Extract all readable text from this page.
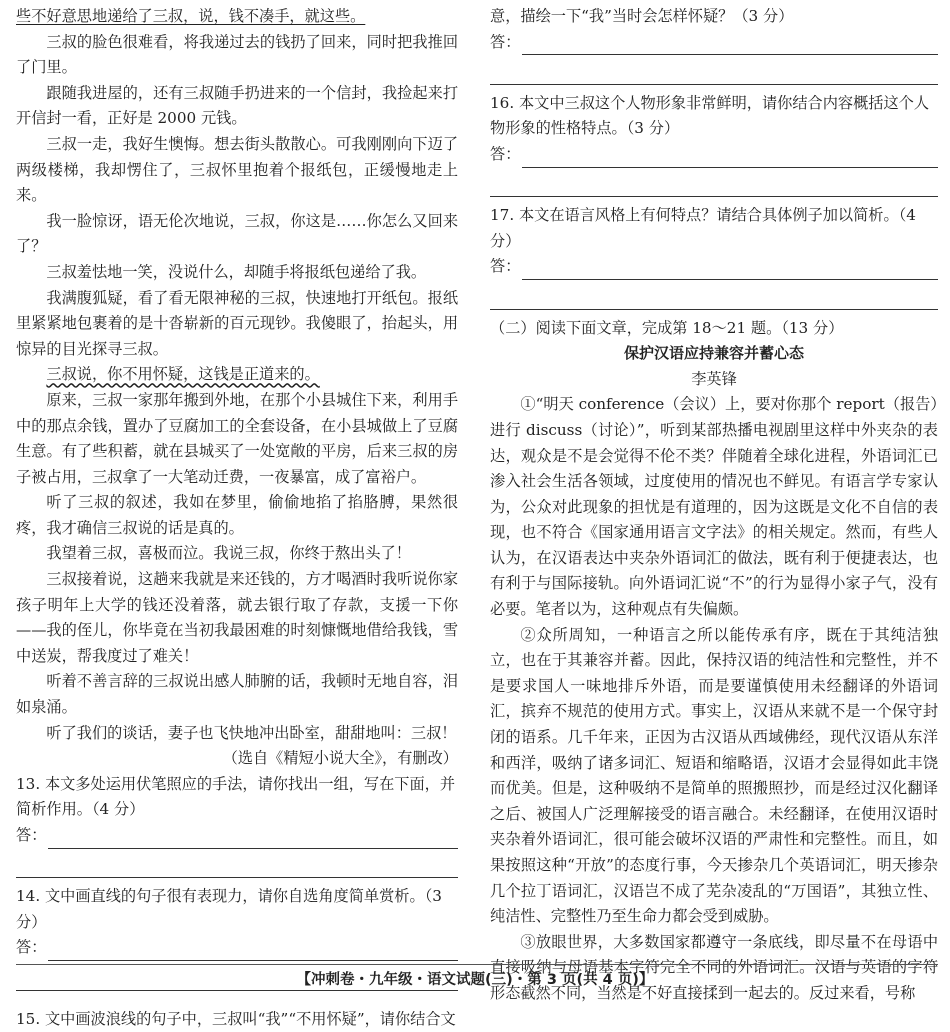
些不好意思地递给了三叔，说，钱不凑手，就这些。

三叔的脸色很难看，将我递过去的钱扔了回来，同时把我推回了门里。

跟随我进屋的，还有三叔随手扔进来的一个信封，我捡起来打开信封一看，正好是 2000 元钱。

三叔一走，我好生懊悔。想去街头散散心。可我刚刚向下迈了两级楼梯，我却愣住了，三叔怀里抱着个报纸包，正缓慢地走上来。

我一脸惊讶，语无伦次地说，三叔，你这是……你怎么又回来了？

三叔羞怯地一笑，没说什么，却随手将报纸包递给了我。

我满腹狐疑，看了看无限神秘的三叔，快速地打开纸包。报纸里紧紧地包裹着的是十沓崭新的百元现钞。我傻眼了，抬起头，用惊异的目光探寻三叔。

三叔说，你不用怀疑，这钱是正道来的。

原来，三叔一家那年搬到外地，在那个小县城住下来，利用手中的那点余钱，置办了豆腐加工的全套设备，在小县城做上了豆腐生意。有了些积蓄，就在县城买了一处宽敞的平房，后来三叔的房子被占用，三叔拿了一大笔动迁费，一夜暴富，成了富裕户。

听了三叔的叙述，我如在梦里，偷偷地掐了掐胳膊，果然很疼，我才确信三叔说的话是真的。

我望着三叔，喜极而泣。我说三叔，你终于熬出头了！

三叔接着说，这趟来我就是来还钱的，方才喝酒时我听说你家孩子明年上大学的钱还没着落，就去银行取了存款，支援一下你——我的侄儿，你毕竟在当初我最困难的时刻慷慨地借给我钱，雪中送炭，帮我度过了难关！

听着不善言辞的三叔说出感人肺腑的话，我顿时无地自容，泪如泉涌。

听了我们的谈话，妻子也飞快地冲出卧室，甜甜地叫：三叔！

（选自《精短小说大全》，有删改）

13. 本文多处运用伏笔照应的手法，请你找出一组，写在下面，并简析作用。（4 分）

答：

14. 文中画直线的句子很有表现力，请你自选角度简单赏析。（3 分）

答：

15. 文中画波浪线的句子中，三叔叫“我”“不用怀疑”，请你结合文

意，描绘一下“我”当时会怎样怀疑？（3 分）

答：

16. 本文中三叔这个人物形象非常鲜明，请你结合内容概括这个人物形象的性格特点。（3 分）

答：

17. 本文在语言风格上有何特点？请结合具体例子加以简析。（4 分）

答：

（二）阅读下面文章，完成第 18～21 题。（13 分）

保护汉语应持兼容并蓄心态

李英锋

①“明天 conference（会议）上，要对你那个 report（报告）进行 discuss（讨论）”，听到某部热播电视剧里这样中外夹杂的表达，观众是不是会觉得不伦不类？伴随着全球化进程，外语词汇已渗入社会生活各领域，过度使用的情况也不鲜见。有语言学专家认为，公众对此现象的担忧是有道理的，因为这既是文化不自信的表现，也不符合《国家通用语言文字法》的相关规定。然而，有些人认为，在汉语表达中夹杂外语词汇的做法，既有利于便捷表达，也有利于与国际接轨。向外语词汇说“不”的行为显得小家子气，没有必要。笔者以为，这种观点有失偏颇。

②众所周知，一种语言之所以能传承有序，既在于其纯洁独立，也在于其兼容并蓄。因此，保持汉语的纯洁性和完整性，并不是要求国人一味地排斥外语，而是要谨慎使用未经翻译的外语词汇，摈弃不规范的使用方式。事实上，汉语从来就不是一个保守封闭的语系。几千年来，正因为古汉语从西域佛经，现代汉语从东洋和西洋，吸纳了诸多词汇、短语和缩略语，汉语才会显得如此丰饶而优美。但是，这种吸纳不是简单的照搬照抄，而是经过汉化翻译之后、被国人广泛理解接受的语言融合。未经翻译，在使用汉语时夹杂着外语词汇，很可能会破坏汉语的严肃性和完整性。而且，如果按照这种“开放”的态度行事，今天掺杂几个英语词汇，明天掺杂几个拉丁语词汇，汉语岂不成了芜杂凌乱的“万国语”，其独立性、纯洁性、完整性乃至生命力都会受到威胁。

③放眼世界，大多数国家都遵守一条底线，即尽量不在母语中直接吸纳与母语基本字符完全不同的外语词汇。汉语与英语的字符形态截然不同，当然是不好直接揉到一起去的。反过来看，号称

【冲刺卷・九年级・语文试题(三)・第 3 页(共 4 页)】
